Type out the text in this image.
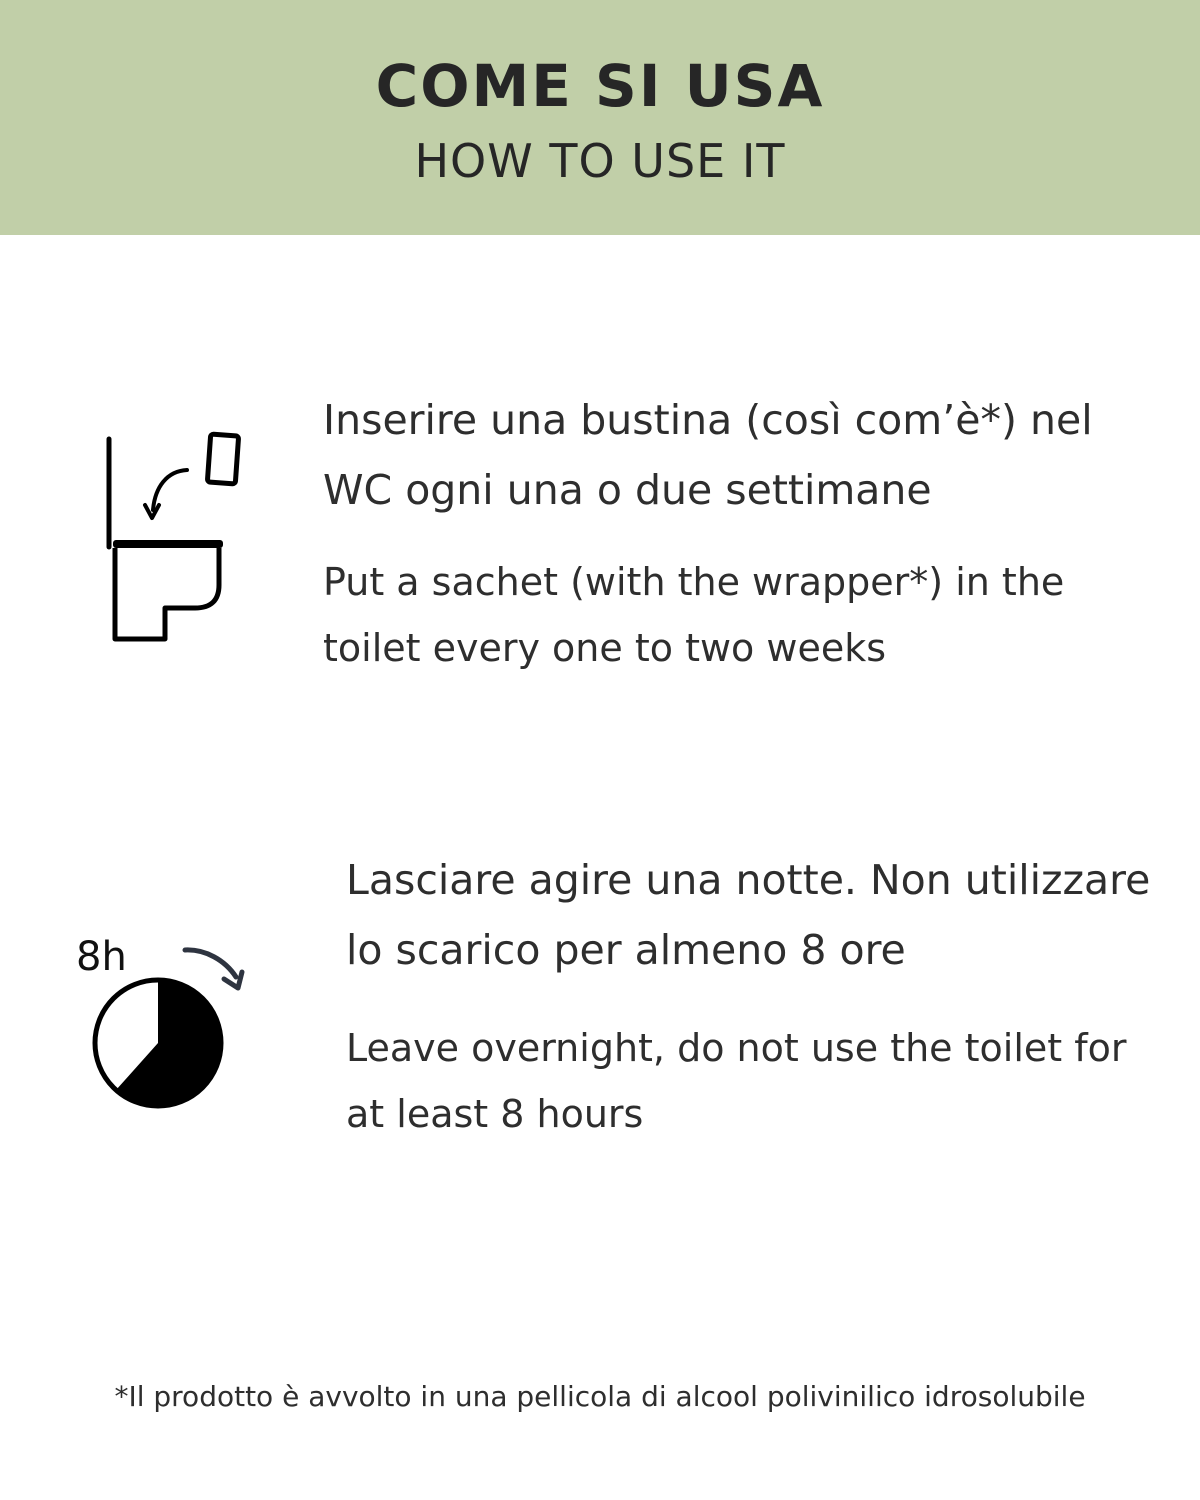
COME SI USA
HOW TO USE IT
Inserire una bustina (così com’è*) nel WC ogni una o due settimane
Put a sachet (with the wrapper*) in the toilet every one to two weeks
8h
Lasciare agire una notte. Non utilizzare lo scarico per almeno 8 ore
Leave overnight, do not use the toilet for at least 8 hours
*Il prodotto è avvolto in una pellicola di alcool polivinilico idrosolubile
